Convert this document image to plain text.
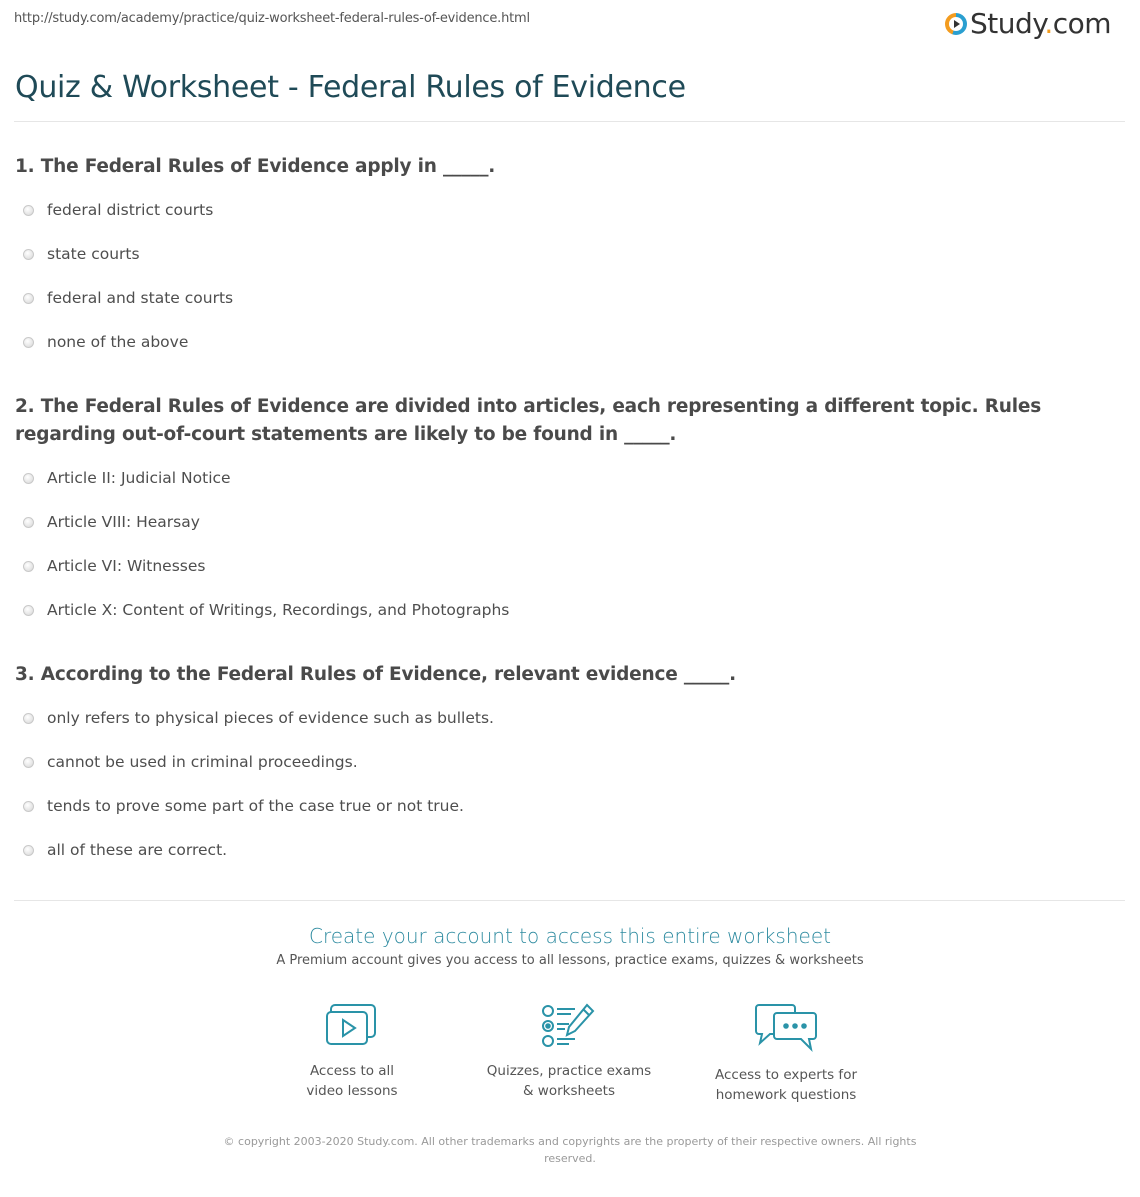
http://study.com/academy/practice/quiz-worksheet-federal-rules-of-evidence.html	Study.com
Quiz & Worksheet - Federal Rules of Evidence
1. The Federal Rules of Evidence apply in _____.
federal district courts
state courts
federal and state courts
none of the above
2. The Federal Rules of Evidence are divided into articles, each representing a different topic. Rules regarding out-of-court statements are likely to be found in _____.
Article II: Judicial Notice
Article VIII: Hearsay
Article VI: Witnesses
Article X: Content of Writings, Recordings, and Photographs
3. According to the Federal Rules of Evidence, relevant evidence _____.
only refers to physical pieces of evidence such as bullets.
cannot be used in criminal proceedings.
tends to prove some part of the case true or not true.
all of these are correct.
Create your account to access this entire worksheet
A Premium account gives you access to all lessons, practice exams, quizzes & worksheets
Access to all
video lessons
Quizzes, practice exams
& worksheets
Access to experts for
homework questions
© copyright 2003-2020 Study.com. All other trademarks and copyrights are the property of their respective owners. All rights
reserved.
